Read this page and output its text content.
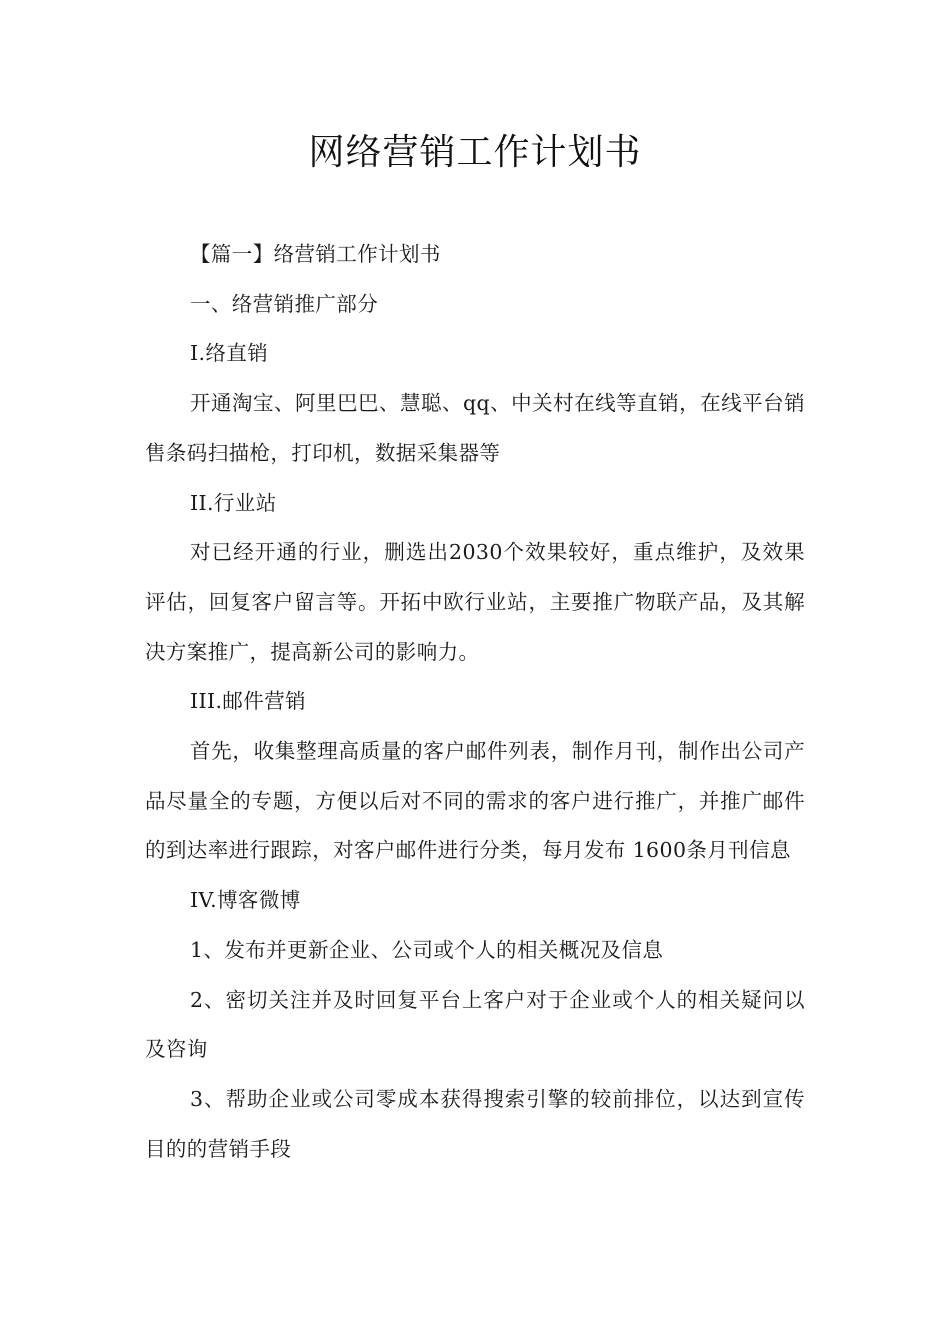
网络营销工作计划书

【篇一】络营销工作计划书

一、络营销推广部分

I.络直销

开通淘宝、阿里巴巴、慧聪、qq、中关村在线等直销，在线平台销售条码扫描枪，打印机，数据采集器等

II.行业站

对已经开通的行业，删选出2030个效果较好，重点维护，及效果评估，回复客户留言等。开拓中欧行业站，主要推广物联产品，及其解决方案推广，提高新公司的影响力。

III.邮件营销

首先，收集整理高质量的客户邮件列表，制作月刊，制作出公司产品尽量全的专题，方便以后对不同的需求的客户进行推广，并推广邮件的到达率进行跟踪，对客户邮件进行分类，每月发布 1600条月刊信息

IV.博客微博

1、发布并更新企业、公司或个人的相关概况及信息

2、密切关注并及时回复平台上客户对于企业或个人的相关疑问以及咨询

3、帮助企业或公司零成本获得搜索引擎的较前排位，以达到宣传目的的营销手段
